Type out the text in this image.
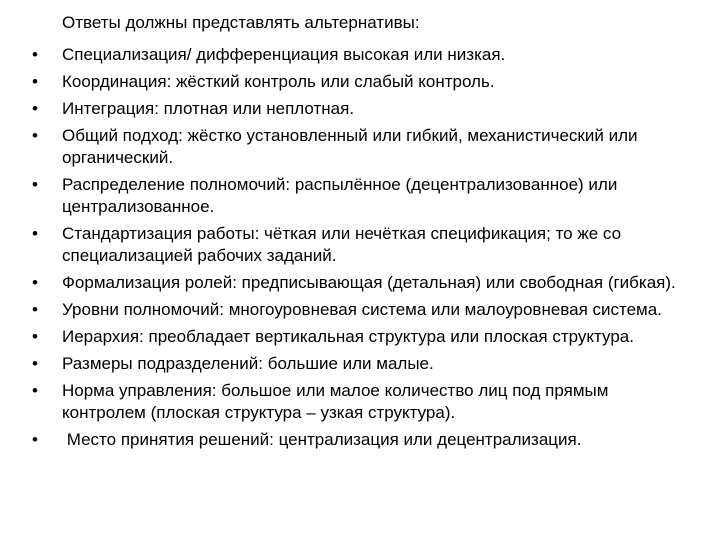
Ответы должны представлять альтернативы:
• Специализация/ дифференциация высокая или низкая.
• Координация: жёсткий контроль или слабый контроль.
• Интеграция: плотная или неплотная.
• Общий подход: жёстко установленный или гибкий, механистический или органический.
• Распределение полномочий: распылённое (децентрализованное) или централизованное.
• Стандартизация работы: чёткая или нечёткая спецификация; то же со специализацией рабочих заданий.
• Формализация ролей: предписывающая (детальная) или свободная (гибкая).
• Уровни полномочий: многоуровневая система или малоуровневая система.
• Иерархия: преобладает вертикальная структура или плоская структура.
• Размеры подразделений: большие или малые.
• Норма управления: большое или малое количество лиц под прямым контролем (плоская структура – узкая структура).
• Место принятия решений: централизация или децентрализация.
